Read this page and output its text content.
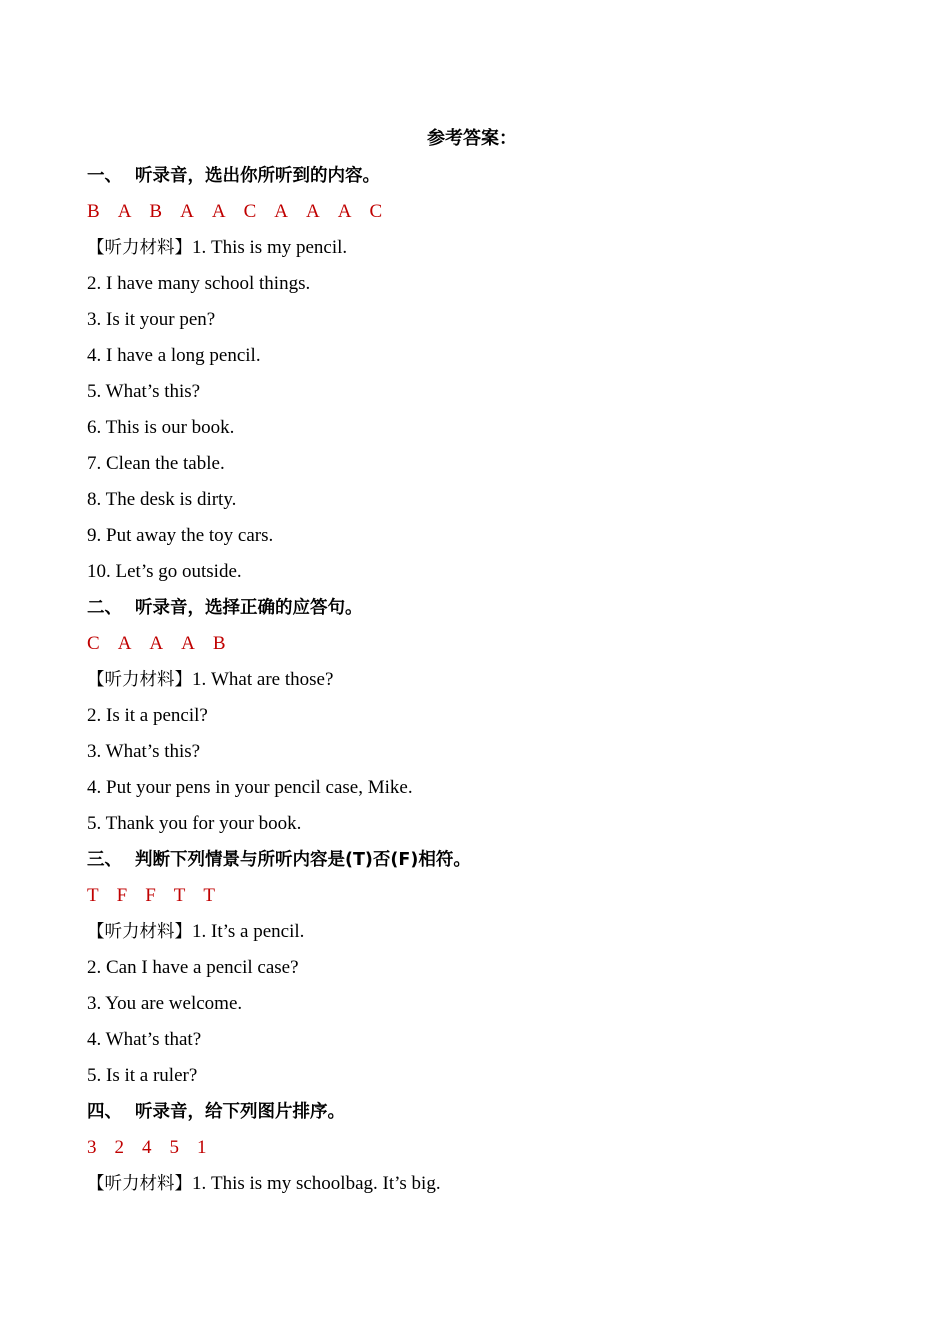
参考答案：
一、 听录音，选出你所听到的内容。
B A B A A C A A A C
【听力材料】1. This is my pencil.
2. I have many school things.
3. Is it your pen?
4. I have a long pencil.
5. What’s this?
6. This is our book.
7. Clean the table.
8. The desk is dirty.
9. Put away the toy cars.
10. Let’s go outside.
二、 听录音，选择正确的应答句。
C A A A B
【听力材料】1. What are those?
2. Is it a pencil?
3. What’s this?
4. Put your pens in your pencil case, Mike.
5. Thank you for your book.
三、 判断下列情景与所听内容是(T)否(F)相符。
T F F T T
【听力材料】1. It’s a pencil.
2. Can I have a pencil case?
3. You are welcome.
4. What’s that?
5. Is it a ruler?
四、 听录音，给下列图片排序。
3 2 4 5 1
【听力材料】1. This is my schoolbag. It’s big.
